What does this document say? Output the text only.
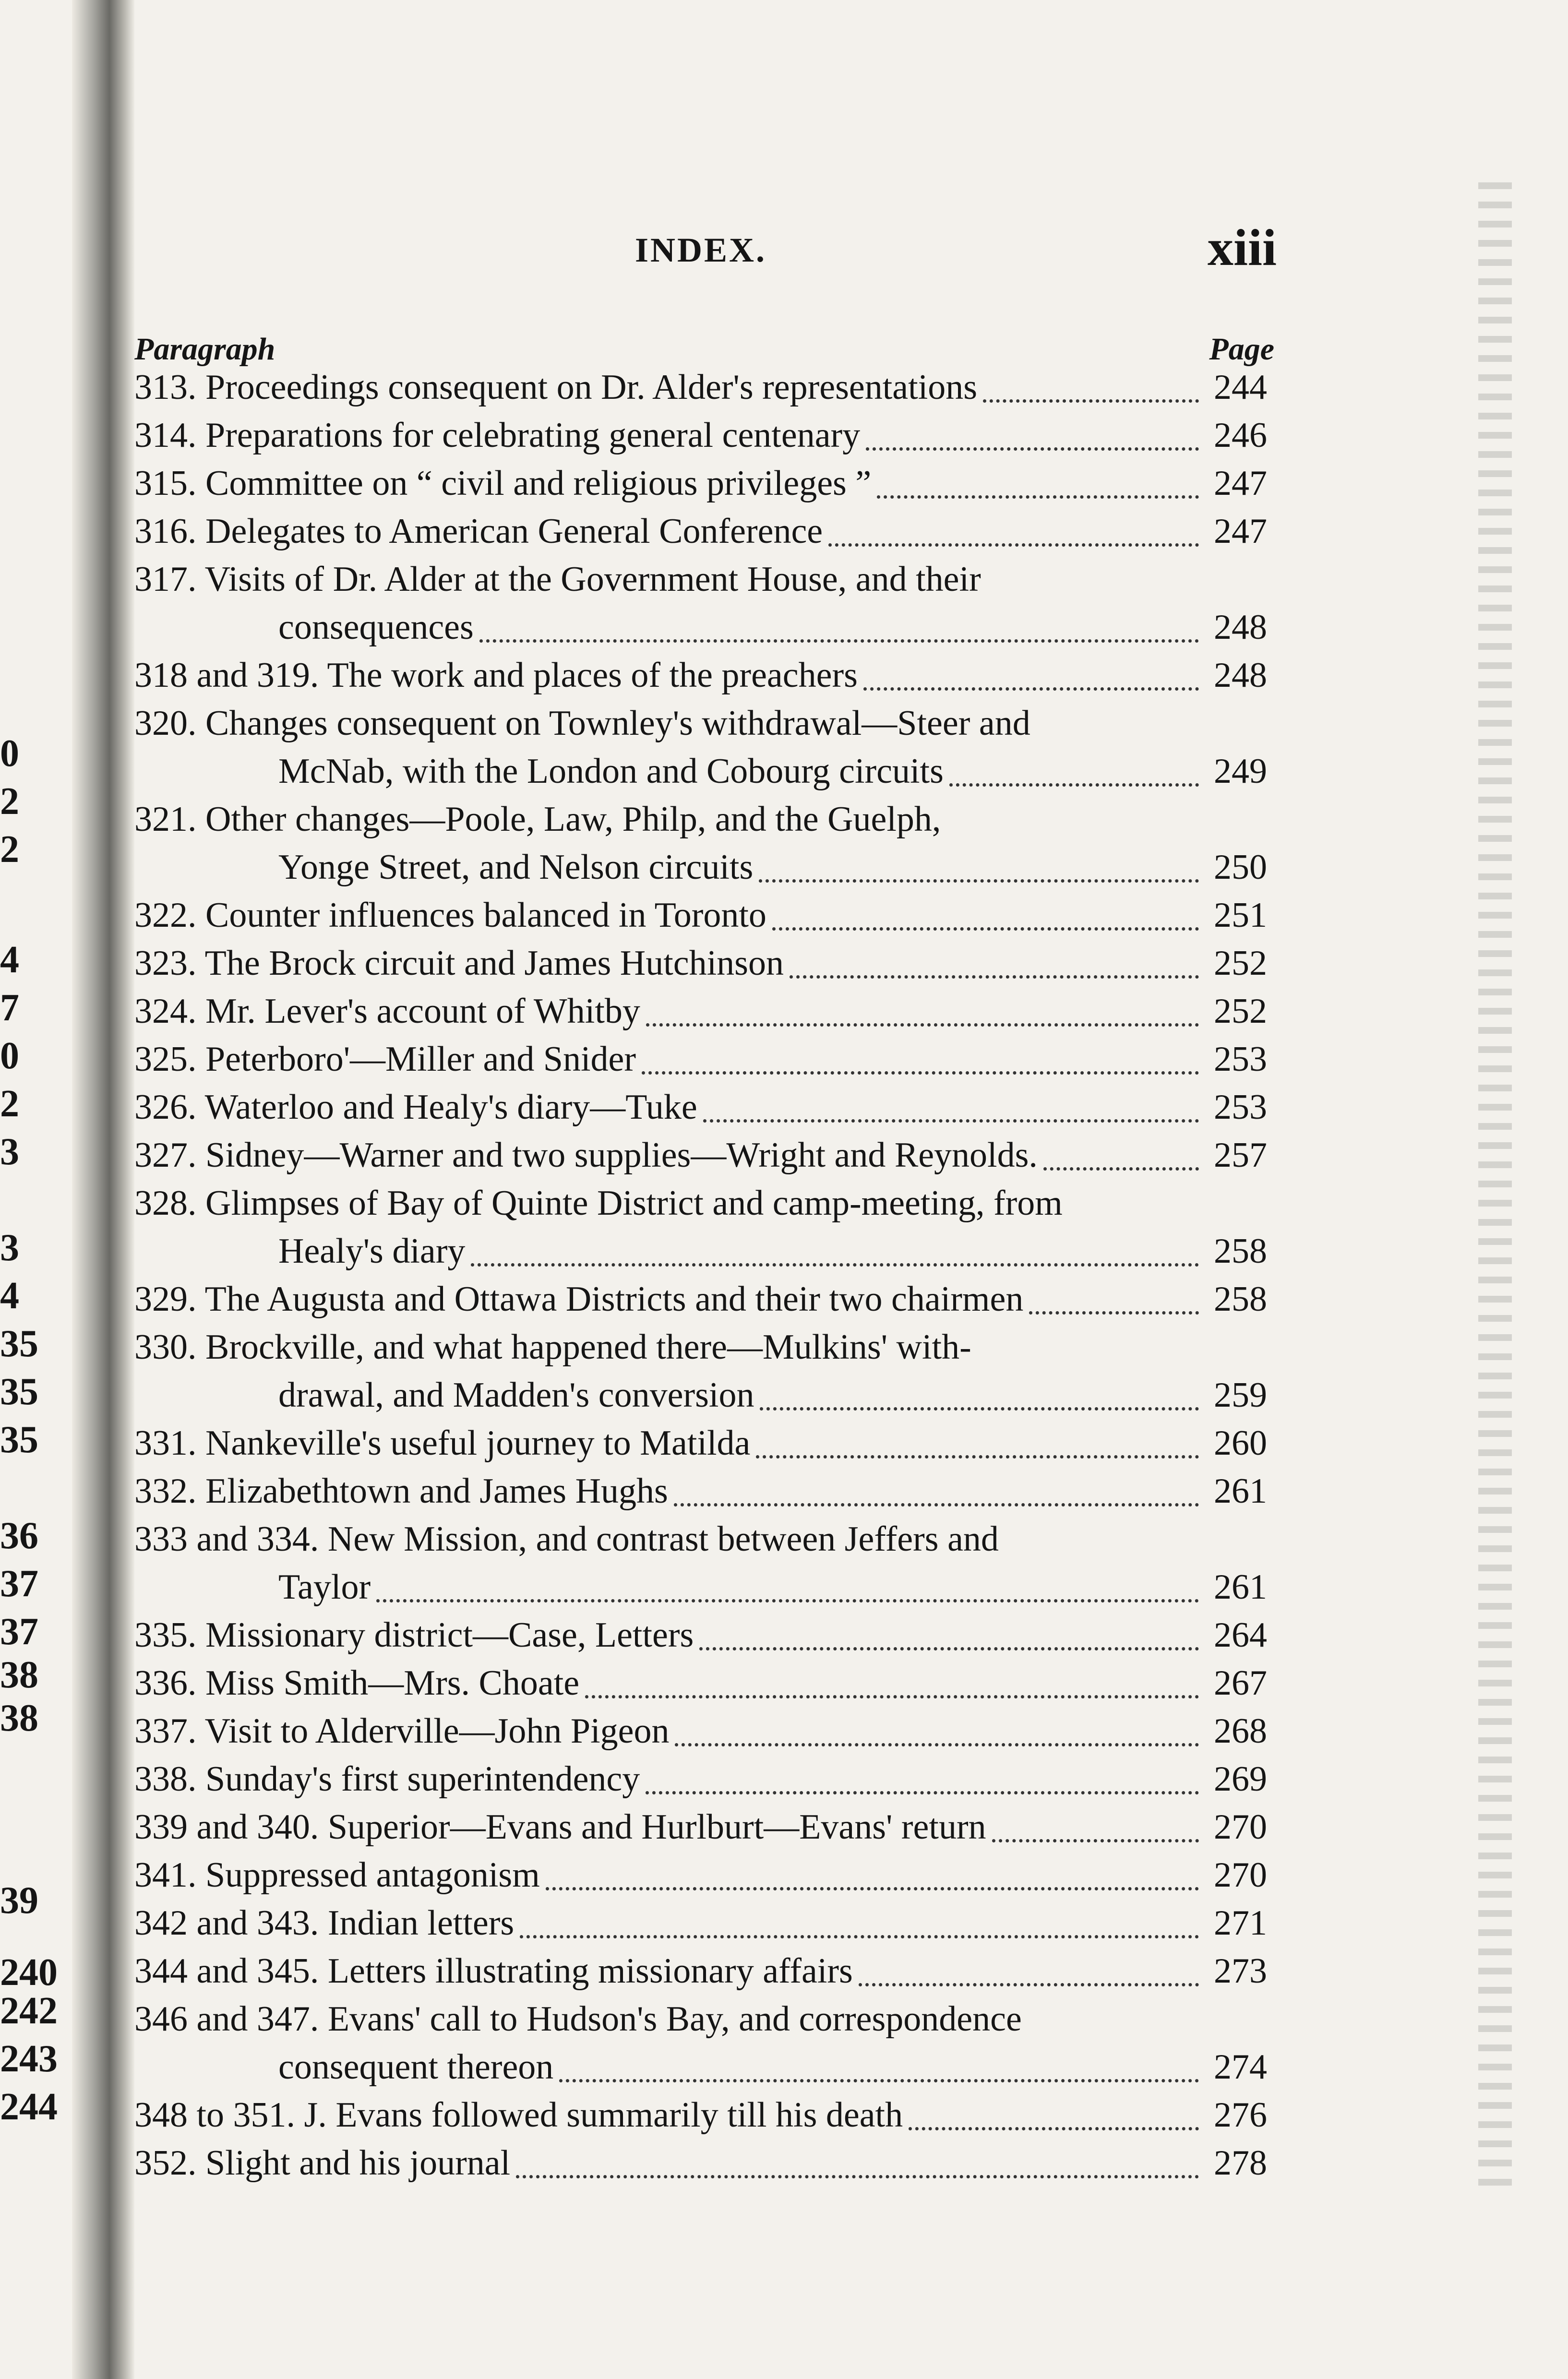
0
2
2
4
7
0
2
3
3
4
35
35
35
36
37
37
38
38
39
240
242
243
244
INDEX.	xiii
Paragraph	Page
313. Proceedings consequent on Dr. Alder's representations	244
314. Preparations for celebrating general centenary	246
315. Committee on “ civil and religious privileges ”	247
316. Delegates to American General Conference	247
317. Visits of Dr. Alder at the Government House, and their
consequences	248
318 and 319. The work and places of the preachers	248
320. Changes consequent on Townley's withdrawal—Steer and
McNab, with the London and Cobourg circuits	249
321. Other changes—Poole, Law, Philp, and the Guelph,
Yonge Street, and Nelson circuits	250
322. Counter influences balanced in Toronto	251
323. The Brock circuit and James Hutchinson	252
324. Mr. Lever's account of Whitby	252
325. Peterboro'—Miller and Snider	253
326. Waterloo and Healy's diary—Tuke	253
327. Sidney—Warner and two supplies—Wright and Reynolds.	257
328. Glimpses of Bay of Quinte District and camp-meeting, from
Healy's diary	258
329. The Augusta and Ottawa Districts and their two chairmen	258
330. Brockville, and what happened there—Mulkins' with-
drawal, and Madden's conversion	259
331. Nankeville's useful journey to Matilda	260
332. Elizabethtown and James Hughs	261
333 and 334. New Mission, and contrast between Jeffers and
Taylor	261
335. Missionary district—Case, Letters	264
336. Miss Smith—Mrs. Choate	267
337. Visit to Alderville—John Pigeon	268
338. Sunday's first superintendency	269
339 and 340. Superior—Evans and Hurlburt—Evans' return	270
341. Suppressed antagonism	270
342 and 343. Indian letters	271
344 and 345. Letters illustrating missionary affairs	273
346 and 347. Evans' call to Hudson's Bay, and correspondence
consequent thereon	274
348 to 351. J. Evans followed summarily till his death	276
352. Slight and his journal	278
